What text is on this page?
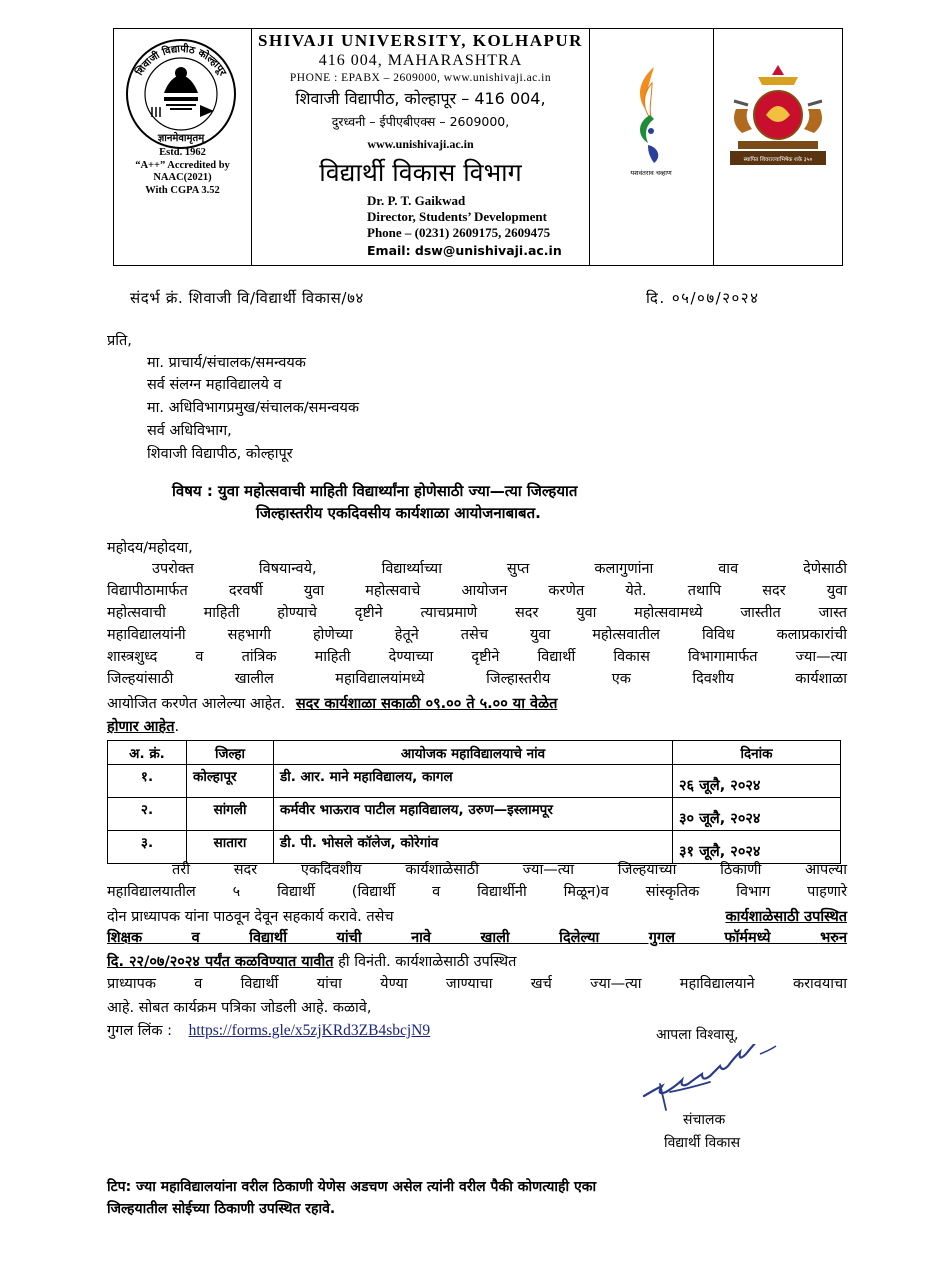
शिवाजी विद्यापीठ कोल्हापूर
ज्ञानमेवामृतम्
Estd. 1962
“A++” Accredited by
NAAC(2021)
With CGPA 3.52
SHIVAJI UNIVERSITY, KOLHAPUR
416 004, MAHARASHTRA
PHONE : EPABX – 2609000, www.unishivaji.ac.in
शिवाजी विद्यापीठ, कोल्हापूर – 416 004,
दुरध्वनी – ईपीएबीएक्स – 2609000,
www.unishivaji.ac.in
विद्यार्थी विकास विभाग
Dr. P. T. Gaikwad
Director, Students’ Development
Phone – (0231) 2609175, 2609475
Email: dsw@unishivaji.ac.in
यशवंतराव चव्हाण
स्थापित शिवराज्याभिषेक शके ३५०
संदर्भ क्रं. शिवाजी वि/विद्यार्थी विकास/७४	दि. ०५/०७/२०२४
प्रति,
मा. प्राचार्य/संचालक/समन्वयक
सर्व संलग्न महाविद्यालये व
मा. अधिविभागप्रमुख/संचालक/समन्वयक
सर्व अधिविभाग,
शिवाजी विद्यापीठ, कोल्हापूर
विषय : युवा महोत्सवाची माहिती विद्यार्थ्यांना होणेसाठी ज्या—त्या जिल्हयात
जिल्हास्तरीय एकदिवसीय कार्यशाळा आयोजनाबाबत.
महोदय/महोदया,
उपरोक्त विषयान्वये, विद्यार्थ्याच्या सुप्त कलागुणांना वाव देणेसाठी
विद्यापीठामार्फत दरवर्षी युवा महोत्सवाचे आयोजन करणेत येते. तथापि सदर युवा
महोत्सवाची माहिती होण्याचे दृष्टीने त्याचप्रमाणे सदर युवा महोत्सवामध्ये जास्तीत जास्त
महाविद्यालयांनी सहभागी होणेच्या हेतूने तसेच युवा महोत्सवातील विविध कलाप्रकारांची
शास्त्रशुध्द व तांत्रिक माहिती देण्याच्या दृष्टीने विद्यार्थी विकास विभागामार्फत ज्या—त्या
जिल्हयांसाठी खालील महाविद्यालयांमध्ये जिल्हास्तरीय एक दिवशीय कार्यशाळा
आयोजित करणेत आलेल्या आहेत. सदर कार्यशाळा सकाळी ०९.०० ते ५.०० या वेळेत
होणार आहेत.
अ. क्रं.	जिल्हा	आयोजक महाविद्यालयाचे नांव	दिनांक
१.	कोल्हापूर	डी. आर. माने महाविद्यालय, कागल	२६ जूलै, २०२४
२.	सांगली	कर्मवीर भाऊराव पाटील महाविद्यालय, उरुण—इस्लामपूर	३० जूलै, २०२४
३.	सातारा	डी. पी. भोसले कॉलेज, कोरेगांव	३१ जूलै, २०२४
तरी सदर एकदिवशीय कार्यशाळेसाठी ज्या—त्या जिल्हयाच्या ठिकाणी आपल्या
महाविद्यालयातील ५ विद्यार्थी (विद्यार्थी व विद्यार्थीनी मिळून)व सांस्कृतिक विभाग पाहणारे
दोन प्राध्यापक यांना पाठवून देवून सहकार्य करावे. तसेच	कार्यशाळेसाठी उपस्थित
शिक्षक व विद्यार्थी यांची नावे खाली दिलेल्या गुगल फॉर्ममध्ये भरुन
दि. २२/०७/२०२४ पर्यंत कळविण्यात यावीत ही विनंती. कार्यशाळेसाठी उपस्थित
प्राध्यापक व विद्यार्थी यांचा येण्या जाण्याचा खर्च ज्या—त्या महाविद्यालयाने करावयाचा
आहे. सोबत कार्यक्रम पत्रिका जोडली आहे. कळावे,
गुगल लिंक : https://forms.gle/x5zjKRd3ZB4sbcjN9	आपला विश्वासू,
संचालक
विद्यार्थी विकास
टिप: ज्या महाविद्यालयांना वरील ठिकाणी येणेस अडचण असेल त्यांनी वरील पैकी कोणत्याही एका
जिल्हयातील सोईच्या ठिकाणी उपस्थित रहावे.
